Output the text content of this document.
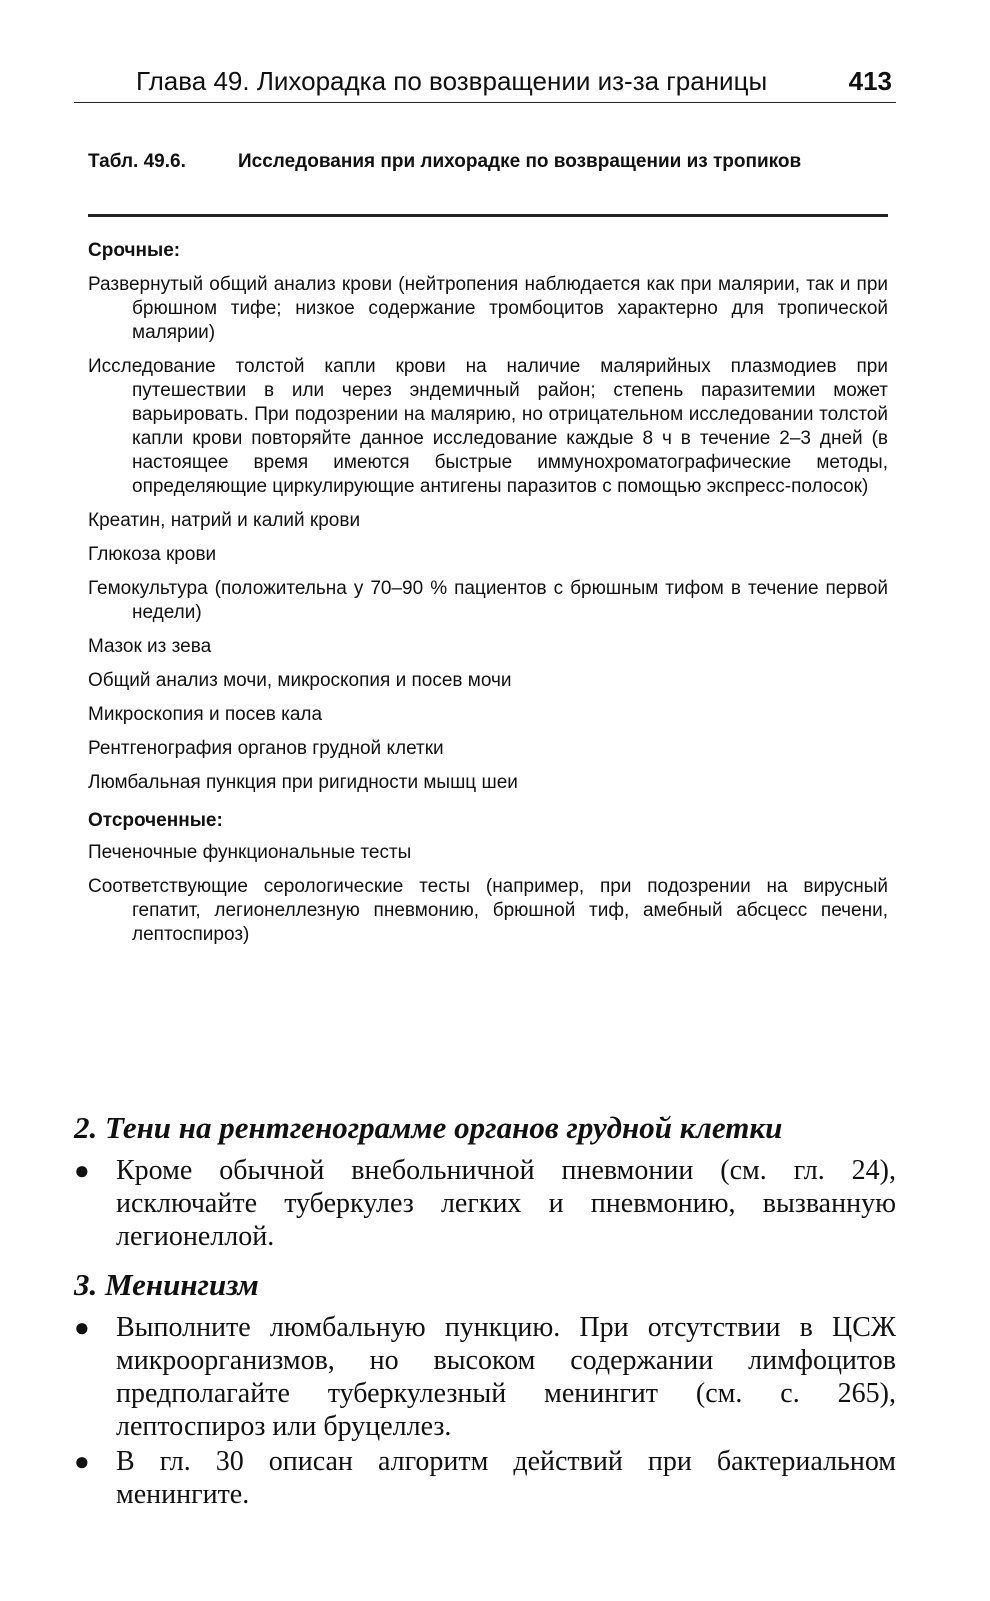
Глава 49. Лихорадка по возвращении из-за границы	413
Табл. 49.6.	Исследования при лихорадке по возвращении из тропиков
Срочные:
Развернутый общий анализ крови (нейтропения наблюдается как при малярии, так и при брюшном тифе; низкое содержание тромбоцитов характерно для тропической малярии)
Исследование толстой капли крови на наличие малярийных плазмодиев при путешествии в или через эндемичный район; степень паразитемии может варьировать. При подозрении на малярию, но отрицательном исследовании толстой капли крови повторяйте данное исследование каждые 8 ч в течение 2–3 дней (в настоящее время имеются быстрые иммунохроматографические методы, определяющие циркулирующие антигены паразитов с помощью экспресс-полосок)
Креатин, натрий и калий крови
Глюкоза крови
Гемокультура (положительна у 70–90 % пациентов с брюшным тифом в течение первой недели)
Мазок из зева
Общий анализ мочи, микроскопия и посев мочи
Микроскопия и посев кала
Рентгенография органов грудной клетки
Люмбальная пункция при ригидности мышц шеи
Отсроченные:
Печеночные функциональные тесты
Соответствующие серологические тесты (например, при подозрении на вирусный гепатит, легионеллезную пневмонию, брюшной тиф, амебный абсцесс печени, лептоспироз)
2. Тени на рентгенограмме органов грудной клетки
● Кроме обычной внебольничной пневмонии (см. гл. 24), исключайте туберкулез легких и пневмонию, вызванную легионеллой.
3. Менингизм
● Выполните люмбальную пункцию. При отсутствии в ЦСЖ микроорганизмов, но высоком содержании лимфоцитов предполагайте туберкулезный менингит (см. с. 265), лептоспироз или бруцеллез.
● В гл. 30 описан алгоритм действий при бактериальном менингите.
